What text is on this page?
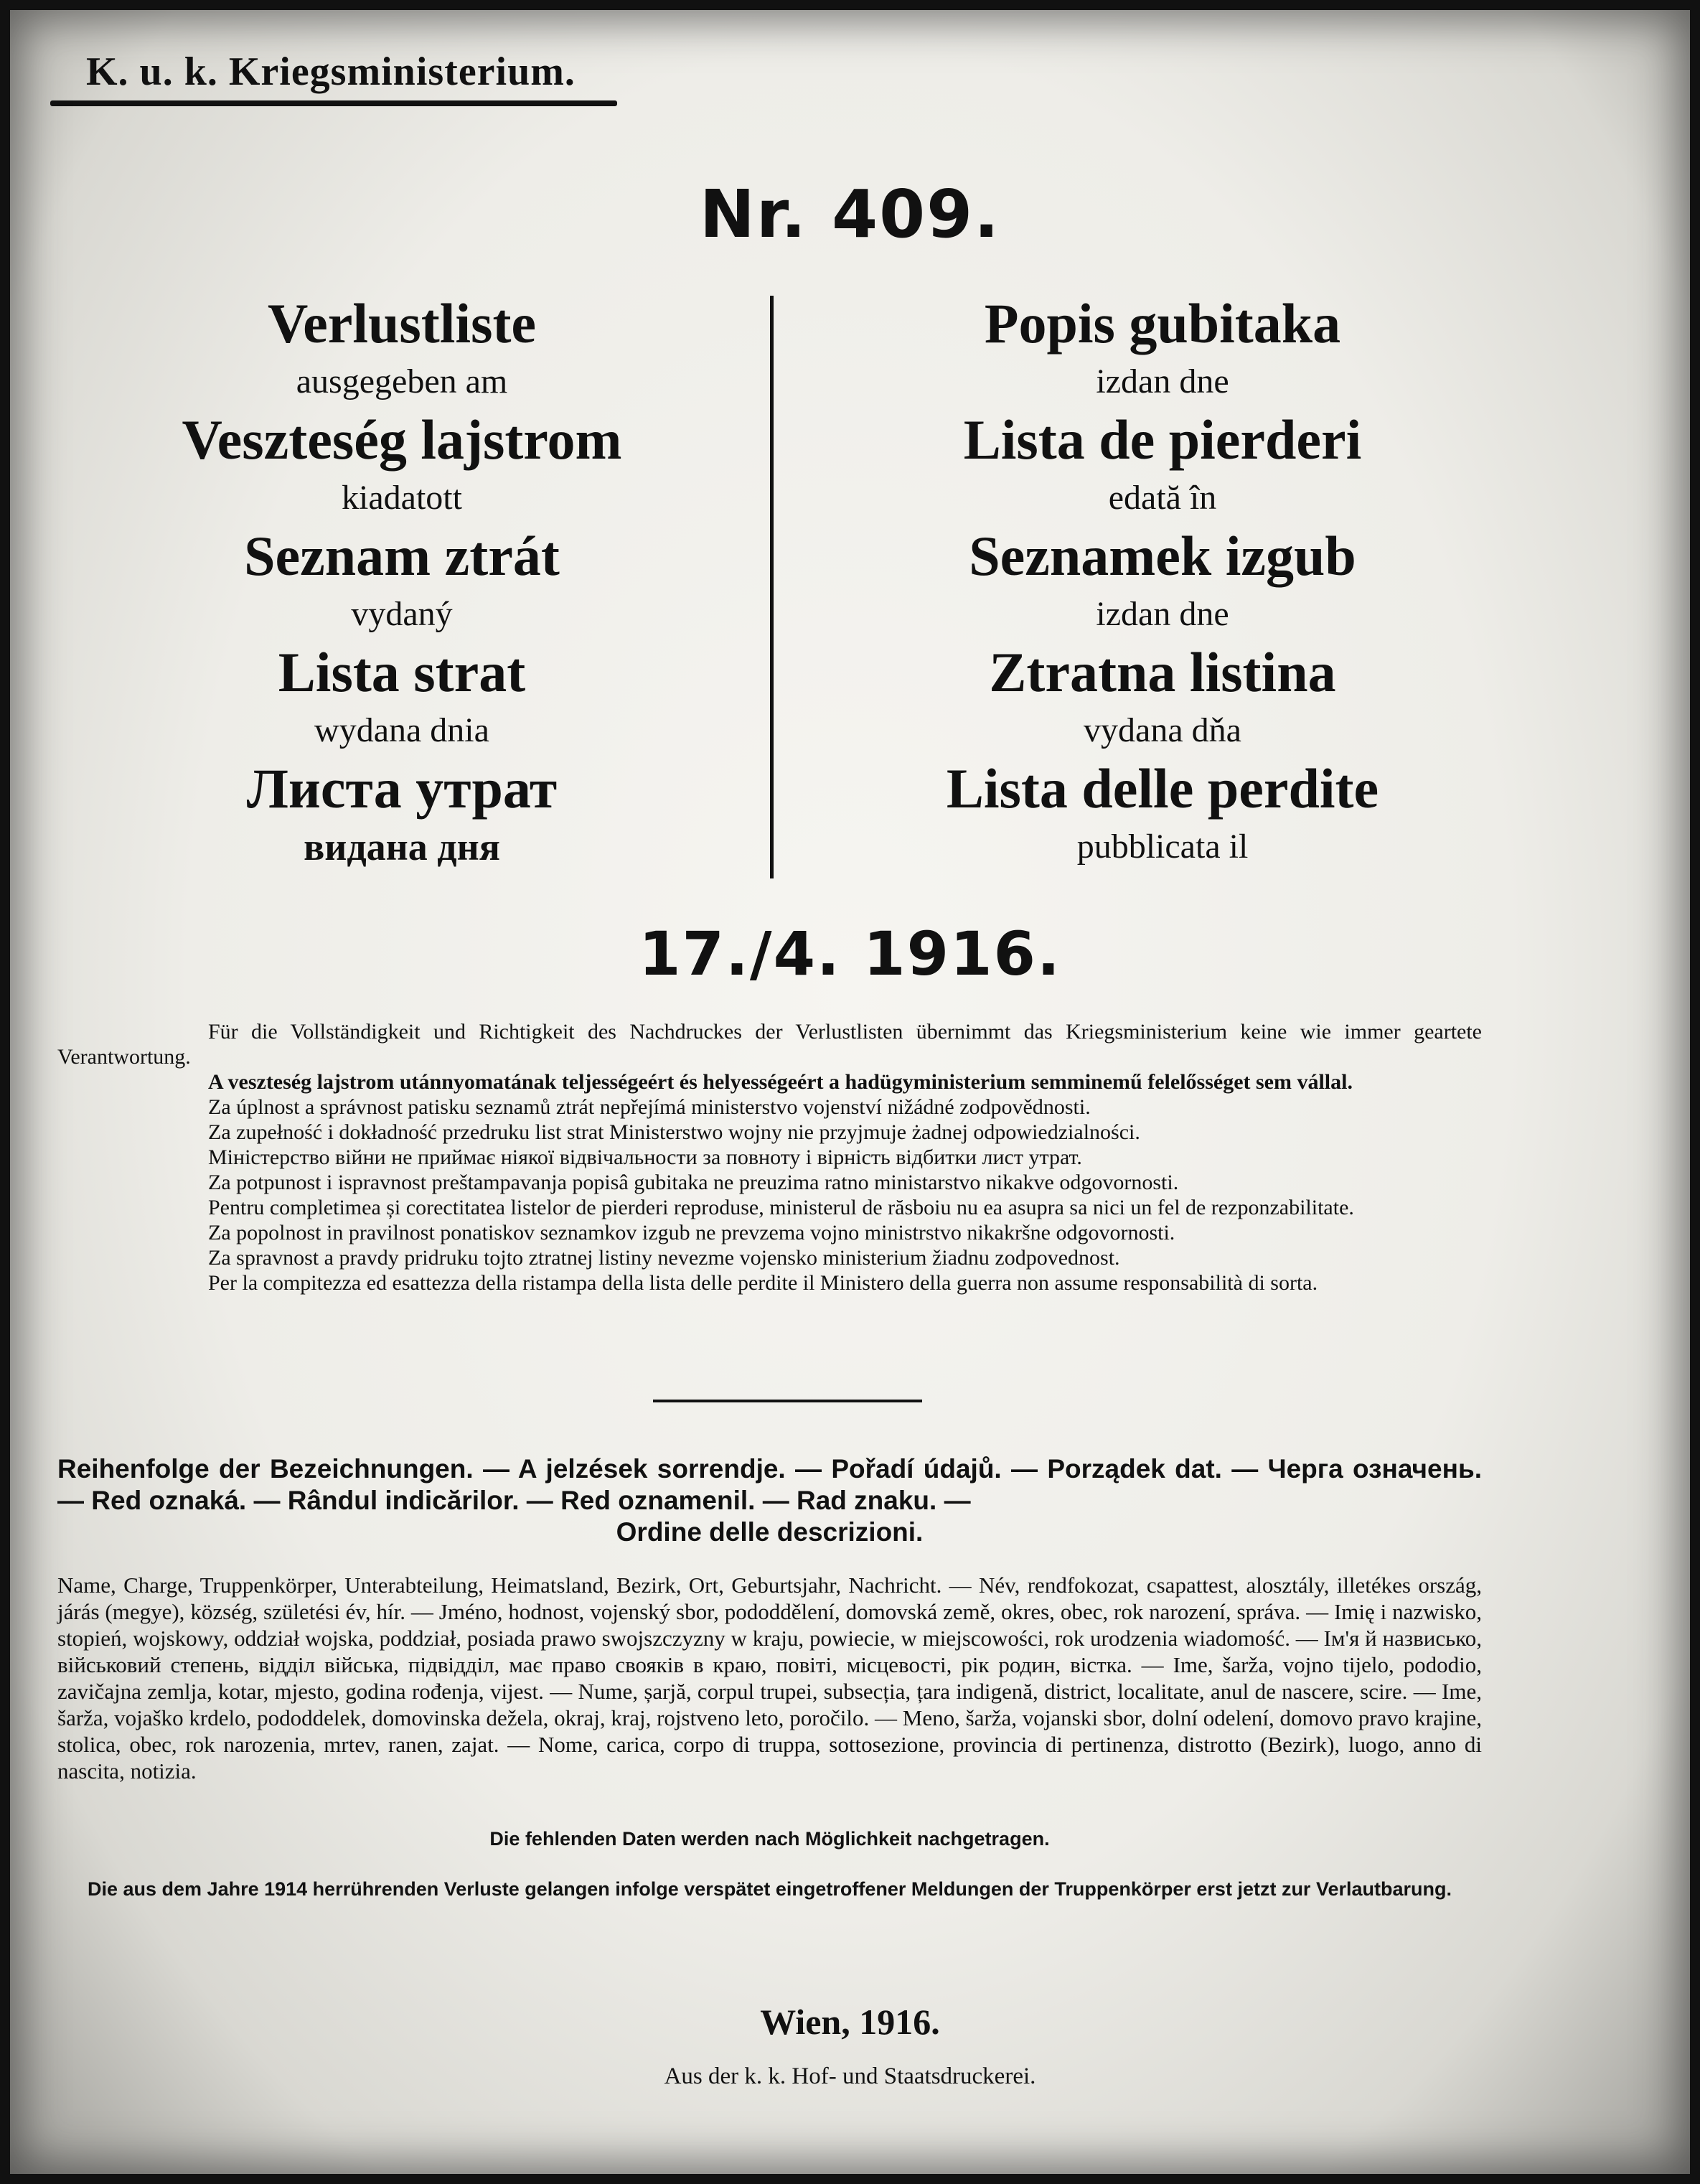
K. u. k. Kriegsministerium.
Nr. 409.

Verlustliste

ausgegeben am

Veszteség lajstrom

kiadatott

Seznam ztrát

vydaný

Lista strat

wydana dnia

Листа утрат

видана дня

Popis gubitaka

izdan dne

Lista de pierderi

edată în

Seznamek izgub

izdan dne

Ztratna listina

vydana dňa

Lista delle perdite

pubblicata il

17./4. 1916.

Für die Vollständigkeit und Richtigkeit des Nachdruckes der Verlustlisten übernimmt das Kriegsministerium keine wie immer geartete Verantwortung.

A veszteség lajstrom utánnyomatának teljességeért és helyességeért a hadügyministerium semminemű felelősséget sem vállal.

Za úplnost a správnost patisku seznamů ztrát nepřejímá ministerstvo vojenství nižádné zodpovědnosti.

Za zupełność i dokładność przedruku list strat Ministerstwo wojny nie przyjmuje żadnej odpowiedzialności.

Міністерство війни не приймає ніякої відвічальности за повноту і вірність відбитки лист утрат.

Za potpunost i ispravnost preštampavanja popisâ gubitaka ne preuzima ratno ministarstvo nikakve odgovornosti.

Pentru completimea și corectitatea listelor de pierderi reproduse, ministerul de răsboiu nu ea asupra sa nici un fel de rezponzabilitate.

Za popolnost in pravilnost ponatiskov seznamkov izgub ne prevzema vojno ministrstvo nikakršne odgovornosti.

Za spravnost a pravdy pridruku tojto ztratnej listiny nevezme vojensko ministerium žiadnu zodpovednost.

Per la compitezza ed esattezza della ristampa della lista delle perdite il Ministero della guerra non assume responsabilità di sorta.

Reihenfolge der Bezeichnungen. — A jelzések sorrendje. — Pořadí údajů. — Porządek dat. — Черга означень. — Red oznaká. — Rândul indicărilor. — Red oznamenil. — Rad znaku. —
Ordine delle descrizioni.
Name, Charge, Truppenkörper, Unterabteilung, Heimatsland, Bezirk, Ort, Geburtsjahr, Nachricht. — Név, rendfokozat, csapattest, alosztály, illetékes ország, járás (megye), község, születési év, hír. — Jméno, hodnost, vojenský sbor, pododdělení, domovská země, okres, obec, rok narození, správa. — Imię i nazwisko, stopień, wojskowy, oddział wojska, poddział, posiada prawo swojszczyzny w kraju, powiecie, w miejscowości, rok urodzenia wiadomość. — Ім'я й назвисько, військовий степень, відділ війська, підвідділ, має право свояків в краю, повіті, місцевості, рік родин, вістка. — Ime, šarža, vojno tijelo, pododio, zavičajna zemlja, kotar, mjesto, godina rođenja, vijest. — Nume, șarjă, corpul trupei, subsecția, țara indigenă, district, localitate, anul de nascere, scire. — Ime, šarža, vojaško krdelo, pododdelek, domovinska dežela, okraj, kraj, rojstveno leto, poročilo. — Meno, šarža, vojanski sbor, dolní odelení, domovo pravo krajine, stolica, obec, rok narozenia, mrtev, ranen, zajat. — Nome, carica, corpo di truppa, sottosezione, provincia di pertinenza, distrotto (Bezirk), luogo, anno di nascita, notizia.
Die fehlenden Daten werden nach Möglichkeit nachgetragen.
Die aus dem Jahre 1914 herrührenden Verluste gelangen infolge verspätet eingetroffener Meldungen der Truppenkörper erst jetzt zur Verlautbarung.
Wien, 1916.
Aus der k. k. Hof- und Staatsdruckerei.
